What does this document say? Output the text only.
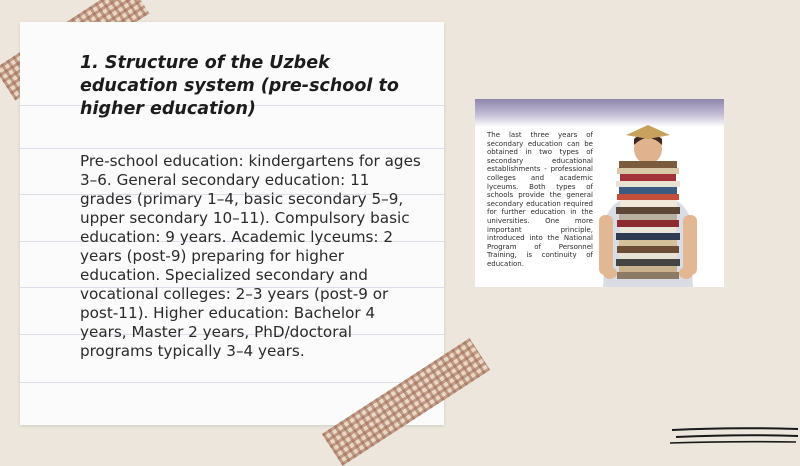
1. Structure of the Uzbek education system (pre-school to higher education)

Pre-school education: kindergartens for ages 3–6. General secondary education: 11 grades (primary 1–4, basic secondary 5–9, upper secondary 10–11). Compulsory basic education: 9 years. Academic lyceums: 2 years (post-9) preparing for higher education. Specialized secondary and vocational colleges: 2–3 years (post-9 or post-11). Higher education: Bachelor 4 years, Master 2 years, PhD/doctoral programs typically 3–4 years.

The last three years of secondary education can be obtained in two types of secondary educational establishments - professional colleges and academic lyceums. Both types of schools provide the general secondary education required for further education in the universities. One more important principle, introduced into the National Program of Personnel Training, is continuity of education.
